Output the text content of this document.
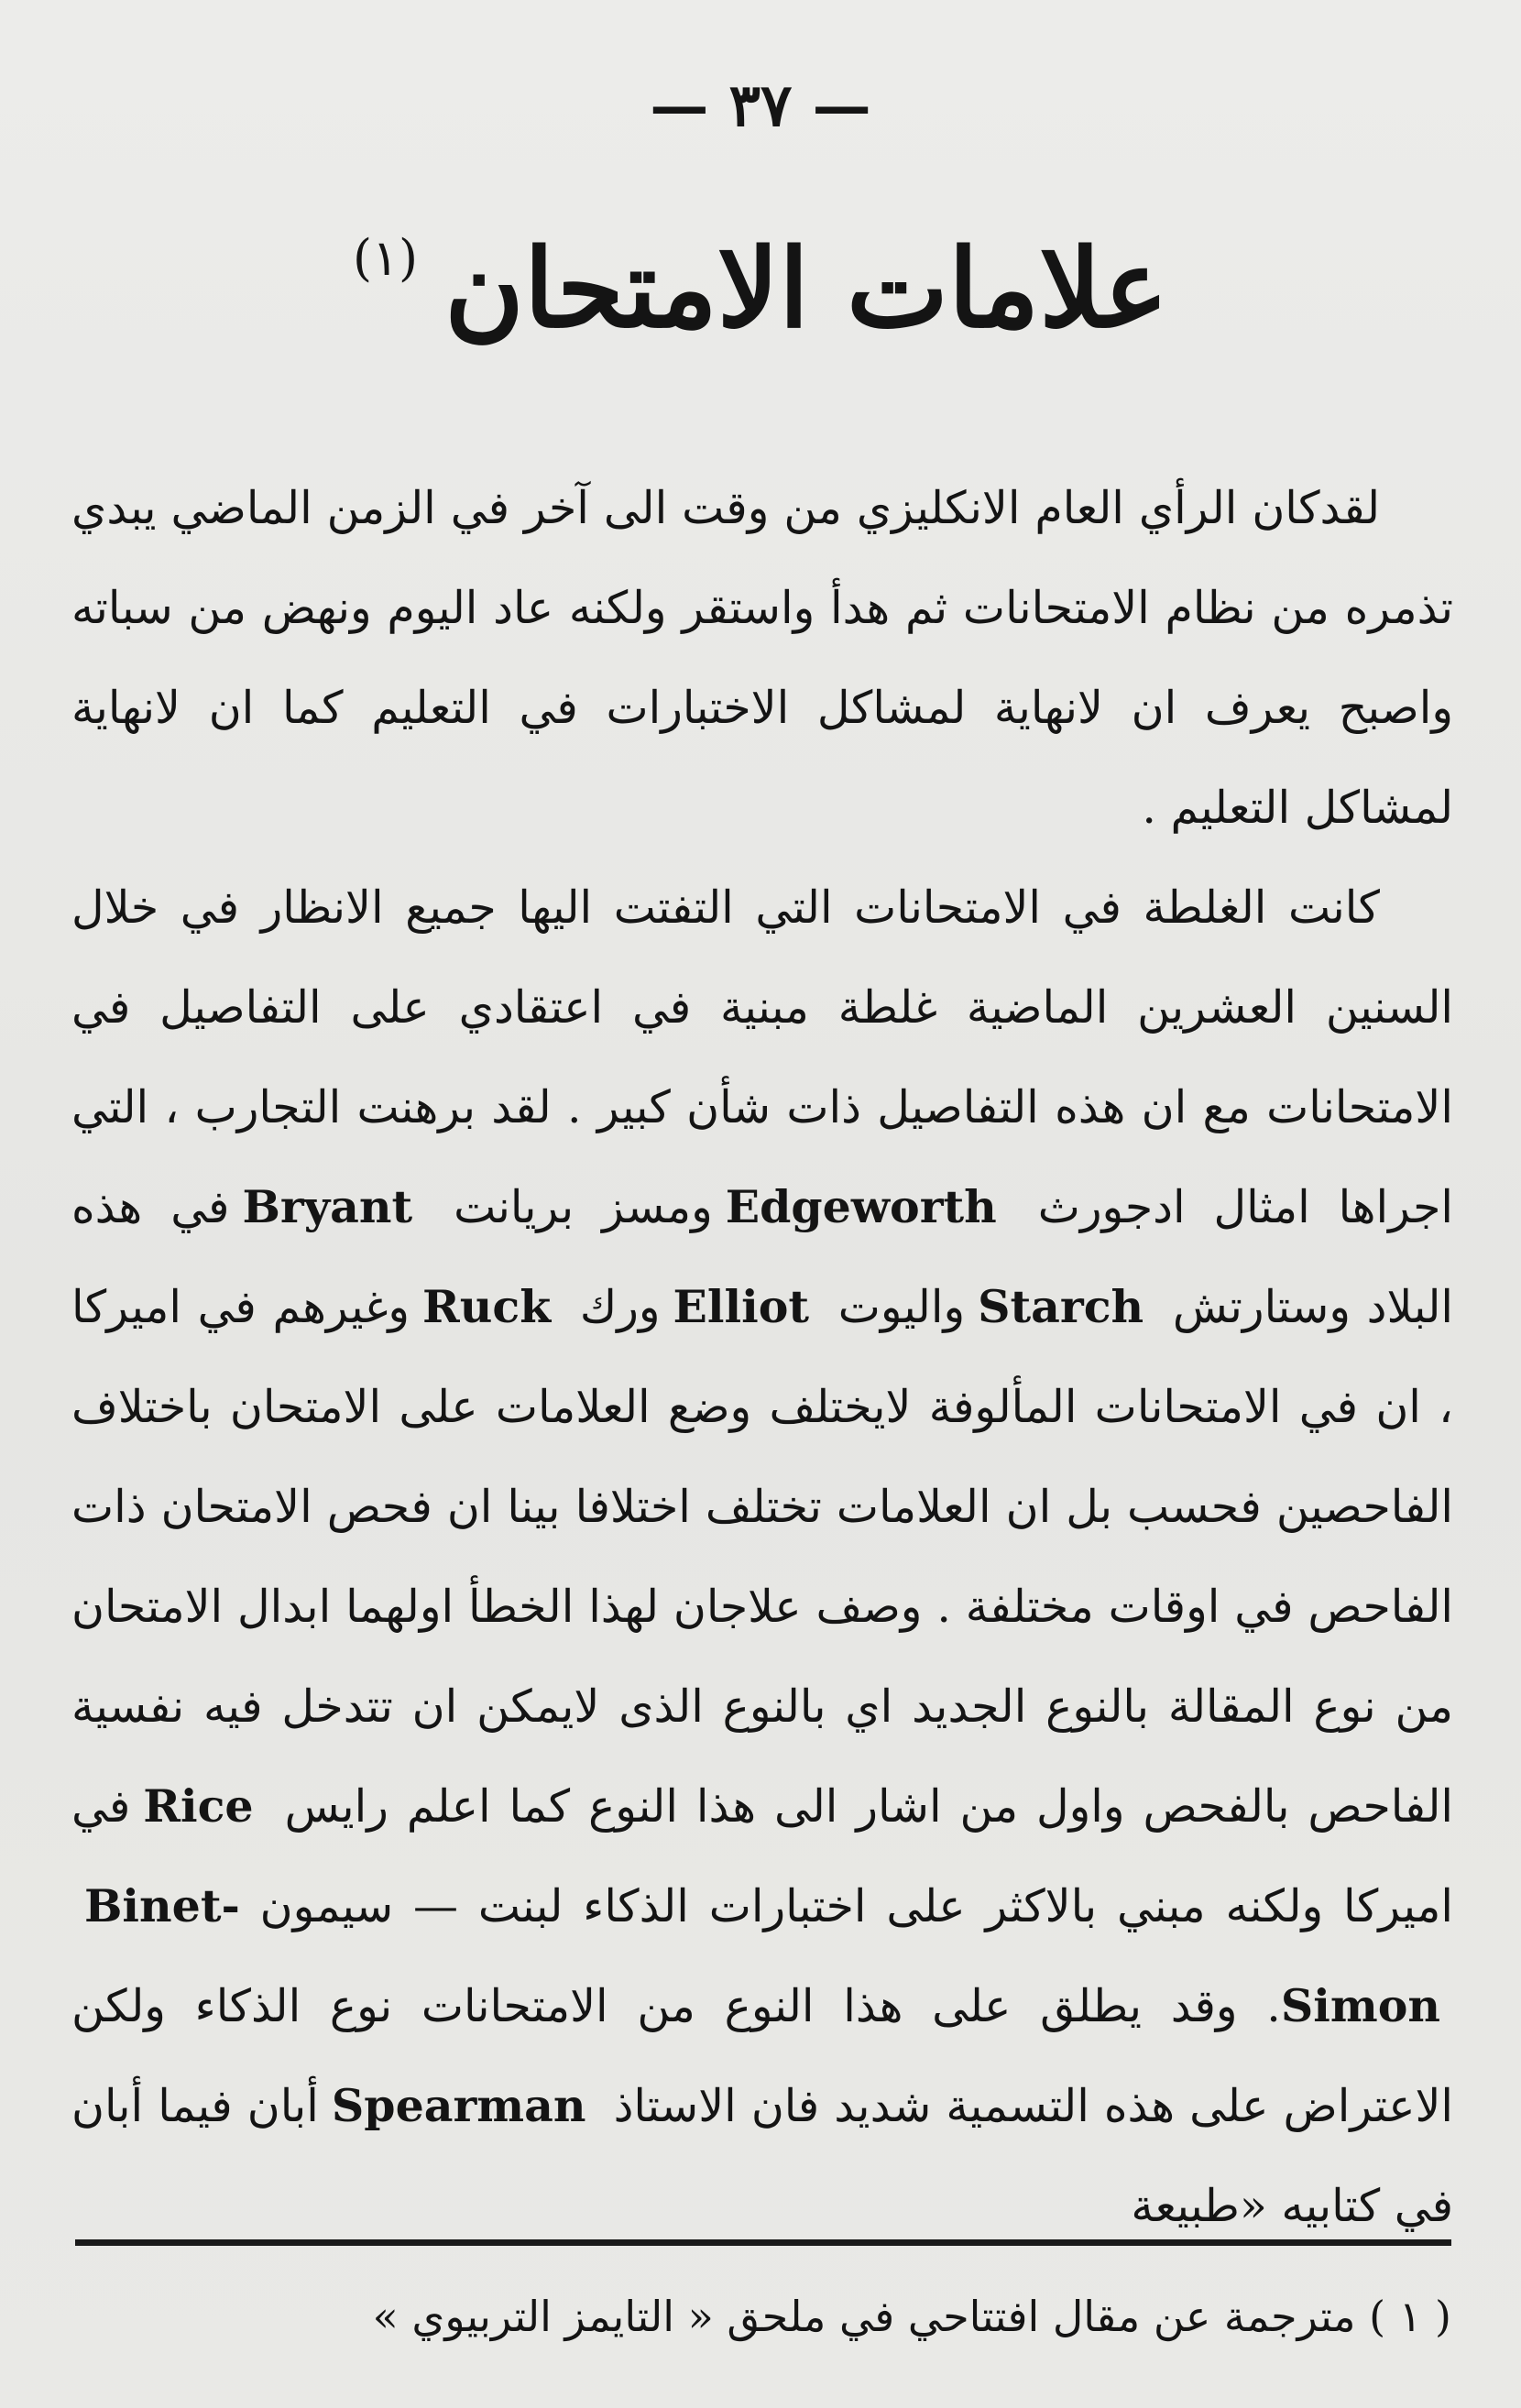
— ٣٧ —
علامات الامتحان (١)

لقدكان الرأي العام الانكليزي من وقت الى آخر في الزمن الماضي يبدي تذمره من نظام الامتحانات ثم هدأ واستقر ولكنه عاد اليوم ونهض من سباته واصبح يعرف ان لانهاية لمشاكل الاختبارات في التعليم كما ان لانهاية لمشاكل التعليم .

كانت الغلطة في الامتحانات التي التفتت اليها جميع الانظار في خلال السنين العشرين الماضية غلطة مبنية في اعتقادي على التفاصيل في الامتحانات مع ان هذه التفاصيل ذات شأن كبير . لقد برهنت التجارب ، التي اجراها امثال ادجورث Edgeworthومسز بريانت Bryantفي هذه البلاد وستارتش Starchواليوت Elliotورك Ruckوغيرهم في اميركا ، ان في الامتحانات المألوفة لايختلف وضع العلامات على الامتحان باختلاف الفاحصين فحسب بل ان العلامات تختلف اختلافا بينا ان فحص الامتحان ذات الفاحص في اوقات مختلفة . وصف علاجان لهذا الخطأ اولهما ابدال الامتحان من نوع المقالة بالنوع الجديد اي بالنوع الذى لايمكن ان تتدخل فيه نفسية الفاحص بالفحص واول من اشار الى هذا النوع كما اعلم رايس Riceفي اميركا ولكنه مبني بالاكثر على اختبارات الذكاء لبنت — سيمون Binet-Simon. وقد يطلق على هذا النوع من الامتحانات نوع الذكاء ولكن الاعتراض على هذه التسمية شديد فان الاستاذ Spearmanأبان فيما أبان في كتابيه «طبيعة

( ١ ) مترجمة عن مقال افتتاحي في ملحق « التايمز التربيوي »
